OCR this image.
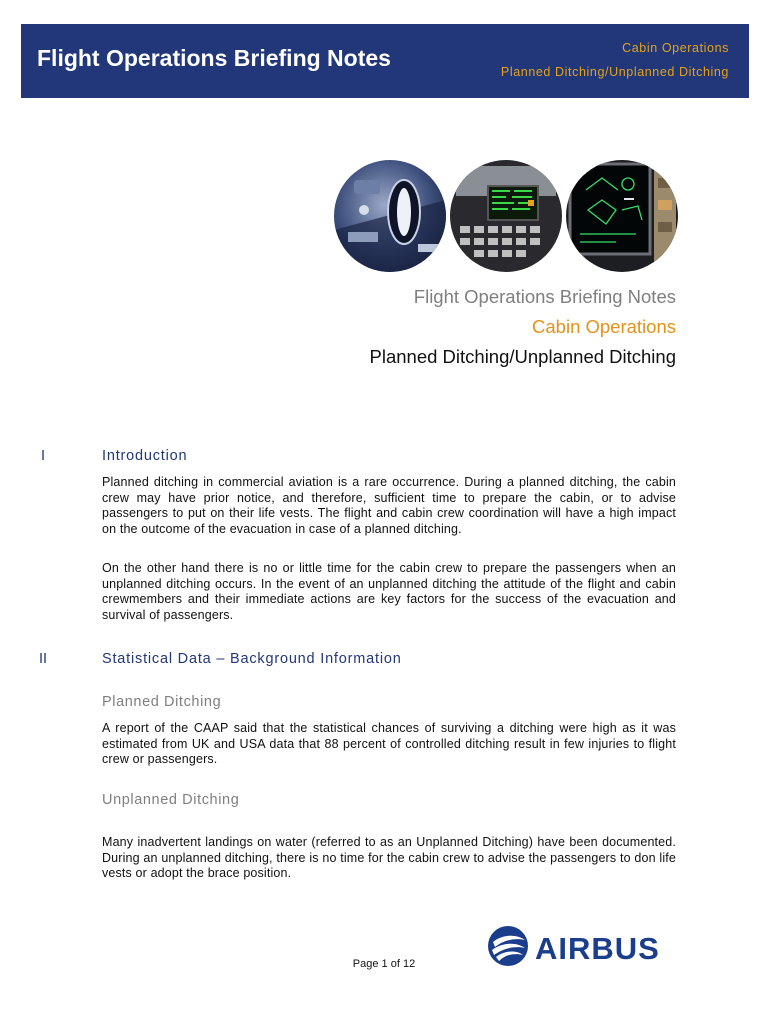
Flight Operations Briefing Notes	Cabin Operations
Planned Ditching/Unplanned Ditching
Flight Operations Briefing Notes
Cabin Operations
Planned Ditching/Unplanned Ditching
I	Introduction
Planned ditching in commercial aviation is a rare occurrence. During a planned ditching, the cabin crew may have prior notice, and therefore, sufficient time to prepare the cabin, or to advise passengers to put on their life vests. The flight and cabin crew coordination will have a high impact on the outcome of the evacuation in case of a planned ditching.
On the other hand there is no or little time for the cabin crew to prepare the passengers when an unplanned ditching occurs. In the event of an unplanned ditching the attitude of the flight and cabin crewmembers and their immediate actions are key factors for the success of the evacuation and survival of passengers.
II	Statistical Data – Background Information
Planned Ditching
A report of the CAAP said that the statistical chances of surviving a ditching were high as it was estimated from UK and USA data that 88 percent of controlled ditching result in few injuries to flight crew or passengers.
Unplanned Ditching
Many inadvertent landings on water (referred to as an Unplanned Ditching) have been documented. During an unplanned ditching, there is no time for the cabin crew to advise the passengers to don life vests or adopt the brace position.
AIRBUS
Page 1 of 12
